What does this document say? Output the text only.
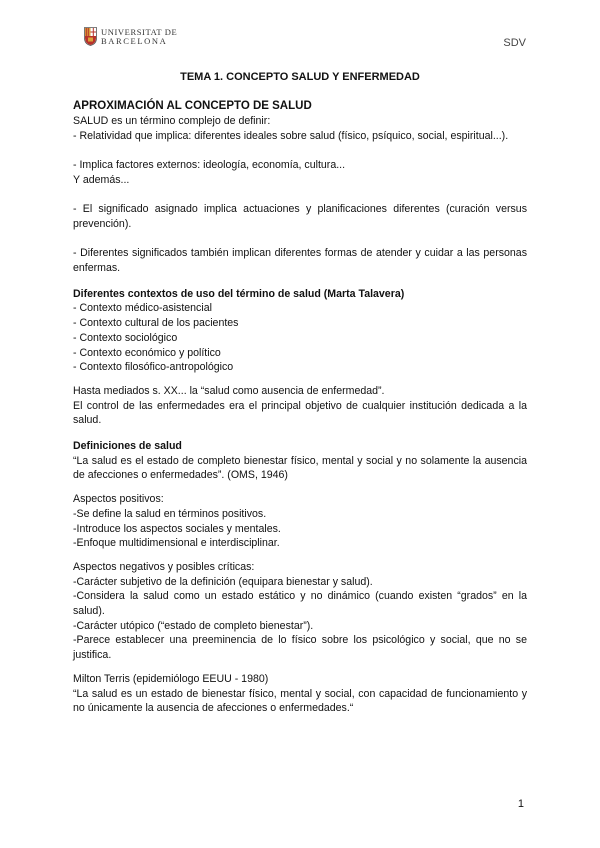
UNIVERSITAT DE
BARCELONA	SDV
TEMA 1. CONCEPTO SALUD Y ENFERMEDAD

APROXIMACIÓN AL CONCEPTO DE SALUD

SALUD es un término complejo de definir:

- Relatividad que implica: diferentes ideales sobre salud (físico, psíquico, social, espiritual...).

- Implica factores externos: ideología, economía, cultura...

Y además...

- El significado asignado implica actuaciones y planificaciones diferentes (curación versus prevención).

- Diferentes significados también implican diferentes formas de atender y cuidar a las personas enfermas.

Diferentes contextos de uso del término de salud (Marta Talavera)

- Contexto médico-asistencial

- Contexto cultural de los pacientes

- Contexto sociológico

- Contexto económico y político

- Contexto filosófico-antropológico

Hasta mediados s. XX... la “salud como ausencia de enfermedad”.

El control de las enfermedades era el principal objetivo de cualquier institución dedicada a la salud.

Definiciones de salud

“La salud es el estado de completo bienestar físico, mental y social y no solamente la ausencia de afecciones o enfermedades”. (OMS, 1946)

Aspectos positivos:

-Se define la salud en términos positivos.

-Introduce los aspectos sociales y mentales.

-Enfoque multidimensional e interdisciplinar.

Aspectos negativos y posibles críticas:

-Carácter subjetivo de la definición (equipara bienestar y salud).

-Considera la salud como un estado estático y no dinámico (cuando existen “grados” en la salud).

-Carácter utópico (“estado de completo bienestar”).

-Parece establecer una preeminencia de lo físico sobre los psicológico y social, que no se justifica.

Milton Terris (epidemiólogo EEUU - 1980)

“La salud es un estado de bienestar físico, mental y social, con capacidad de funcionamiento y no únicamente la ausencia de afecciones o enfermedades.“

1
